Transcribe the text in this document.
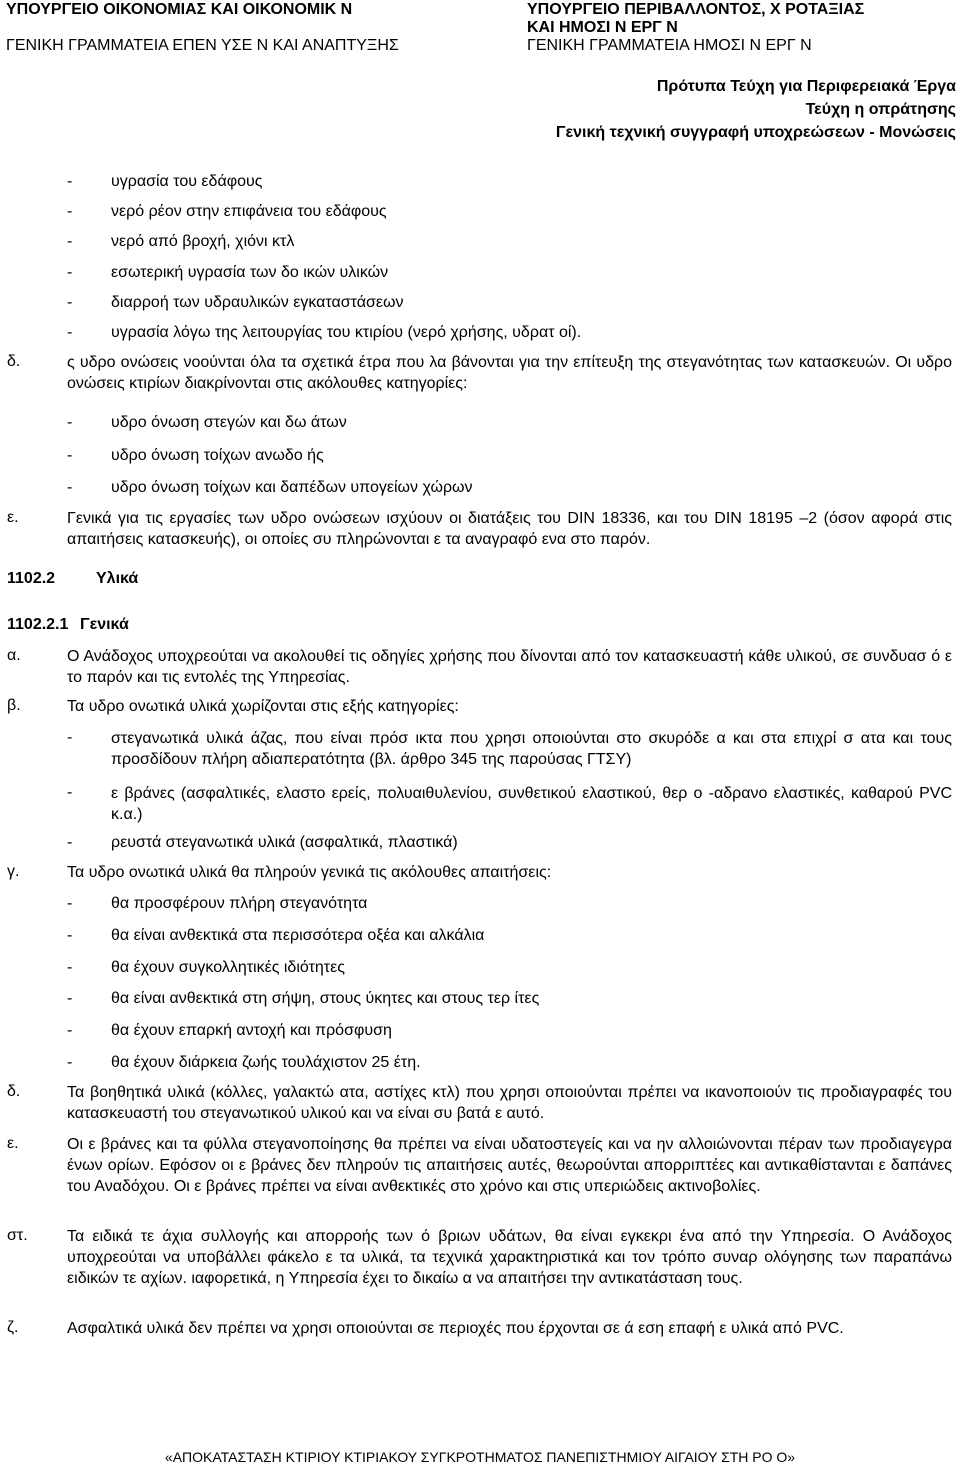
ΥΠΟΥΡΓΕΙΟ ΟΙΚΟΝΟΜΙΑΣ ΚΑΙ ΟΙΚΟΝΟΜΙΚ Ν
ΓΕΝΙΚΗ ΓΡΑΜΜΑΤΕΙΑ ΕΠΕΝ ΥΣΕ Ν ΚΑΙ ΑΝΑΠΤΥΞΗΣ
ΥΠΟΥΡΓΕΙΟ ΠΕΡΙΒΑΛΛΟΝΤΟΣ, Χ ΡΟΤΑΞΙΑΣ
ΚΑΙ ΗΜΟΣΙ Ν ΕΡΓ Ν
ΓΕΝΙΚΗ ΓΡΑΜΜΑΤΕΙΑ ΗΜΟΣΙ Ν ΕΡΓ Ν
Πρότυπα Τεύχη για Περιφερειακά Έργα
Τεύχη η οπράτησης
Γενική τεχνική συγγραφή υποχρεώσεων - Μονώσεις
- υγρασία του εδάφους
- νερό ρέον στην επιφάνεια του εδάφους
- νερό από βροχή, χιόνι κτλ
- εσωτερική υγρασία των δο ικών υλικών
- διαρροή των υδραυλικών εγκαταστάσεων
- υγρασία λόγω της λειτουργίας του κτιρίου (νερό χρήσης, υδρατ οί).
δ.	ς υδρο ονώσεις νοούνται όλα τα σχετικά έτρα που λα βάνονται για την επίτευξη της στεγανότητας των κατασκευών. Οι υδρο ονώσεις κτιρίων διακρίνονται στις ακόλουθες κατηγορίες:
- υδρο όνωση στεγών και δω άτων
- υδρο όνωση τοίχων ανωδο ής
- υδρο όνωση τοίχων και δαπέδων υπογείων χώρων
ε.	Γενικά για τις εργασίες των υδρο ονώσεων ισχύουν οι διατάξεις του DIN 18336, και του DIN 18195 –2 (όσον αφορά στις απαιτήσεις κατασκευής), οι οποίες συ πληρώνονται ε τα αναγραφό ενα στο παρόν.
1102.2	Υλικά
1102.2.1 Γενικά
α.	Ο Ανάδοχος υποχρεούται να ακολουθεί τις οδηγίες χρήσης που δίνονται από τον κατασκευαστή κάθε υλικού, σε συνδυασ ό ε το παρόν και τις εντολές της Υπηρεσίας.
β.	Τα υδρο ονωτικά υλικά χωρίζονται στις εξής κατηγορίες:
- στεγανωτικά υλικά άζας, που είναι πρόσ ικτα που χρησι οποιούνται στο σκυρόδε α και στα επιχρί σ ατα και τους προσδίδουν πλήρη αδιαπερατότητα (βλ. άρθρο 345 της παρούσας ΓΤΣΥ)
- ε βράνες (ασφαλτικές, ελαστο ερείς, πολυαιθυλενίου, συνθετικού ελαστικού, θερ ο -αδρανο ελαστικές, καθαρού PVC κ.α.)
- ρευστά στεγανωτικά υλικά (ασφαλτικά, πλαστικά)
γ.	Τα υδρο ονωτικά υλικά θα πληρούν γενικά τις ακόλουθες απαιτήσεις:
- θα προσφέρουν πλήρη στεγανότητα
- θα είναι ανθεκτικά στα περισσότερα οξέα και αλκάλια
- θα έχουν συγκολλητικές ιδιότητες
- θα είναι ανθεκτικά στη σήψη, στους ύκητες και στους τερ ίτες
- θα έχουν επαρκή αντοχή και πρόσφυση
- θα έχουν διάρκεια ζωής τουλάχιστον 25 έτη.
δ.	Τα βοηθητικά υλικά (κόλλες, γαλακτώ ατα, αστίχες κτλ) που χρησι οποιούνται πρέπει να ικανοποιούν τις προδιαγραφές του κατασκευαστή του στεγανωτικού υλικού και να είναι συ βατά ε αυτό.
ε.	Οι ε βράνες και τα φύλλα στεγανοποίησης θα πρέπει να είναι υδατοστεγείς και να ην αλλοιώνονται πέραν των προδιαγεγρα ένων ορίων. Εφόσον οι ε βράνες δεν πληρούν τις απαιτήσεις αυτές, θεωρούνται απορριπτέες και αντικαθίστανται ε δαπάνες του Αναδόχου. Οι ε βράνες πρέπει να είναι ανθεκτικές στο χρόνο και στις υπεριώδεις ακτινοβολίες.
στ. Τα ειδικά τε άχια συλλογής και απορροής των ό βριων υδάτων, θα είναι εγκεκρι ένα από την Υπηρεσία. Ο Ανάδοχος υποχρεούται να υποβάλλει φάκελο ε τα υλικά, τα τεχνικά χαρακτηριστικά και τον τρόπο συναρ ολόγησης των παραπάνω ειδικών τε αχίων. ιαφορετικά, η Υπηρεσία έχει το δικαίω α να απαιτήσει την αντικατάσταση τους.
ζ.	Ασφαλτικά υλικά δεν πρέπει να χρησι οποιούνται σε περιοχές που έρχονται σε ά εση επαφή ε υλικά από PVC.
«ΑΠΟΚΑΤΑΣΤΑΣΗ ΚΤΙΡΙΟΥ ΚΤΙΡΙΑΚΟΥ ΣΥΓΚΡΟΤΗΜΑΤΟΣ ΠΑΝΕΠΙΣΤΗΜΙΟΥ ΑΙΓΑΙΟΥ ΣΤΗ ΡΟ Ο»
